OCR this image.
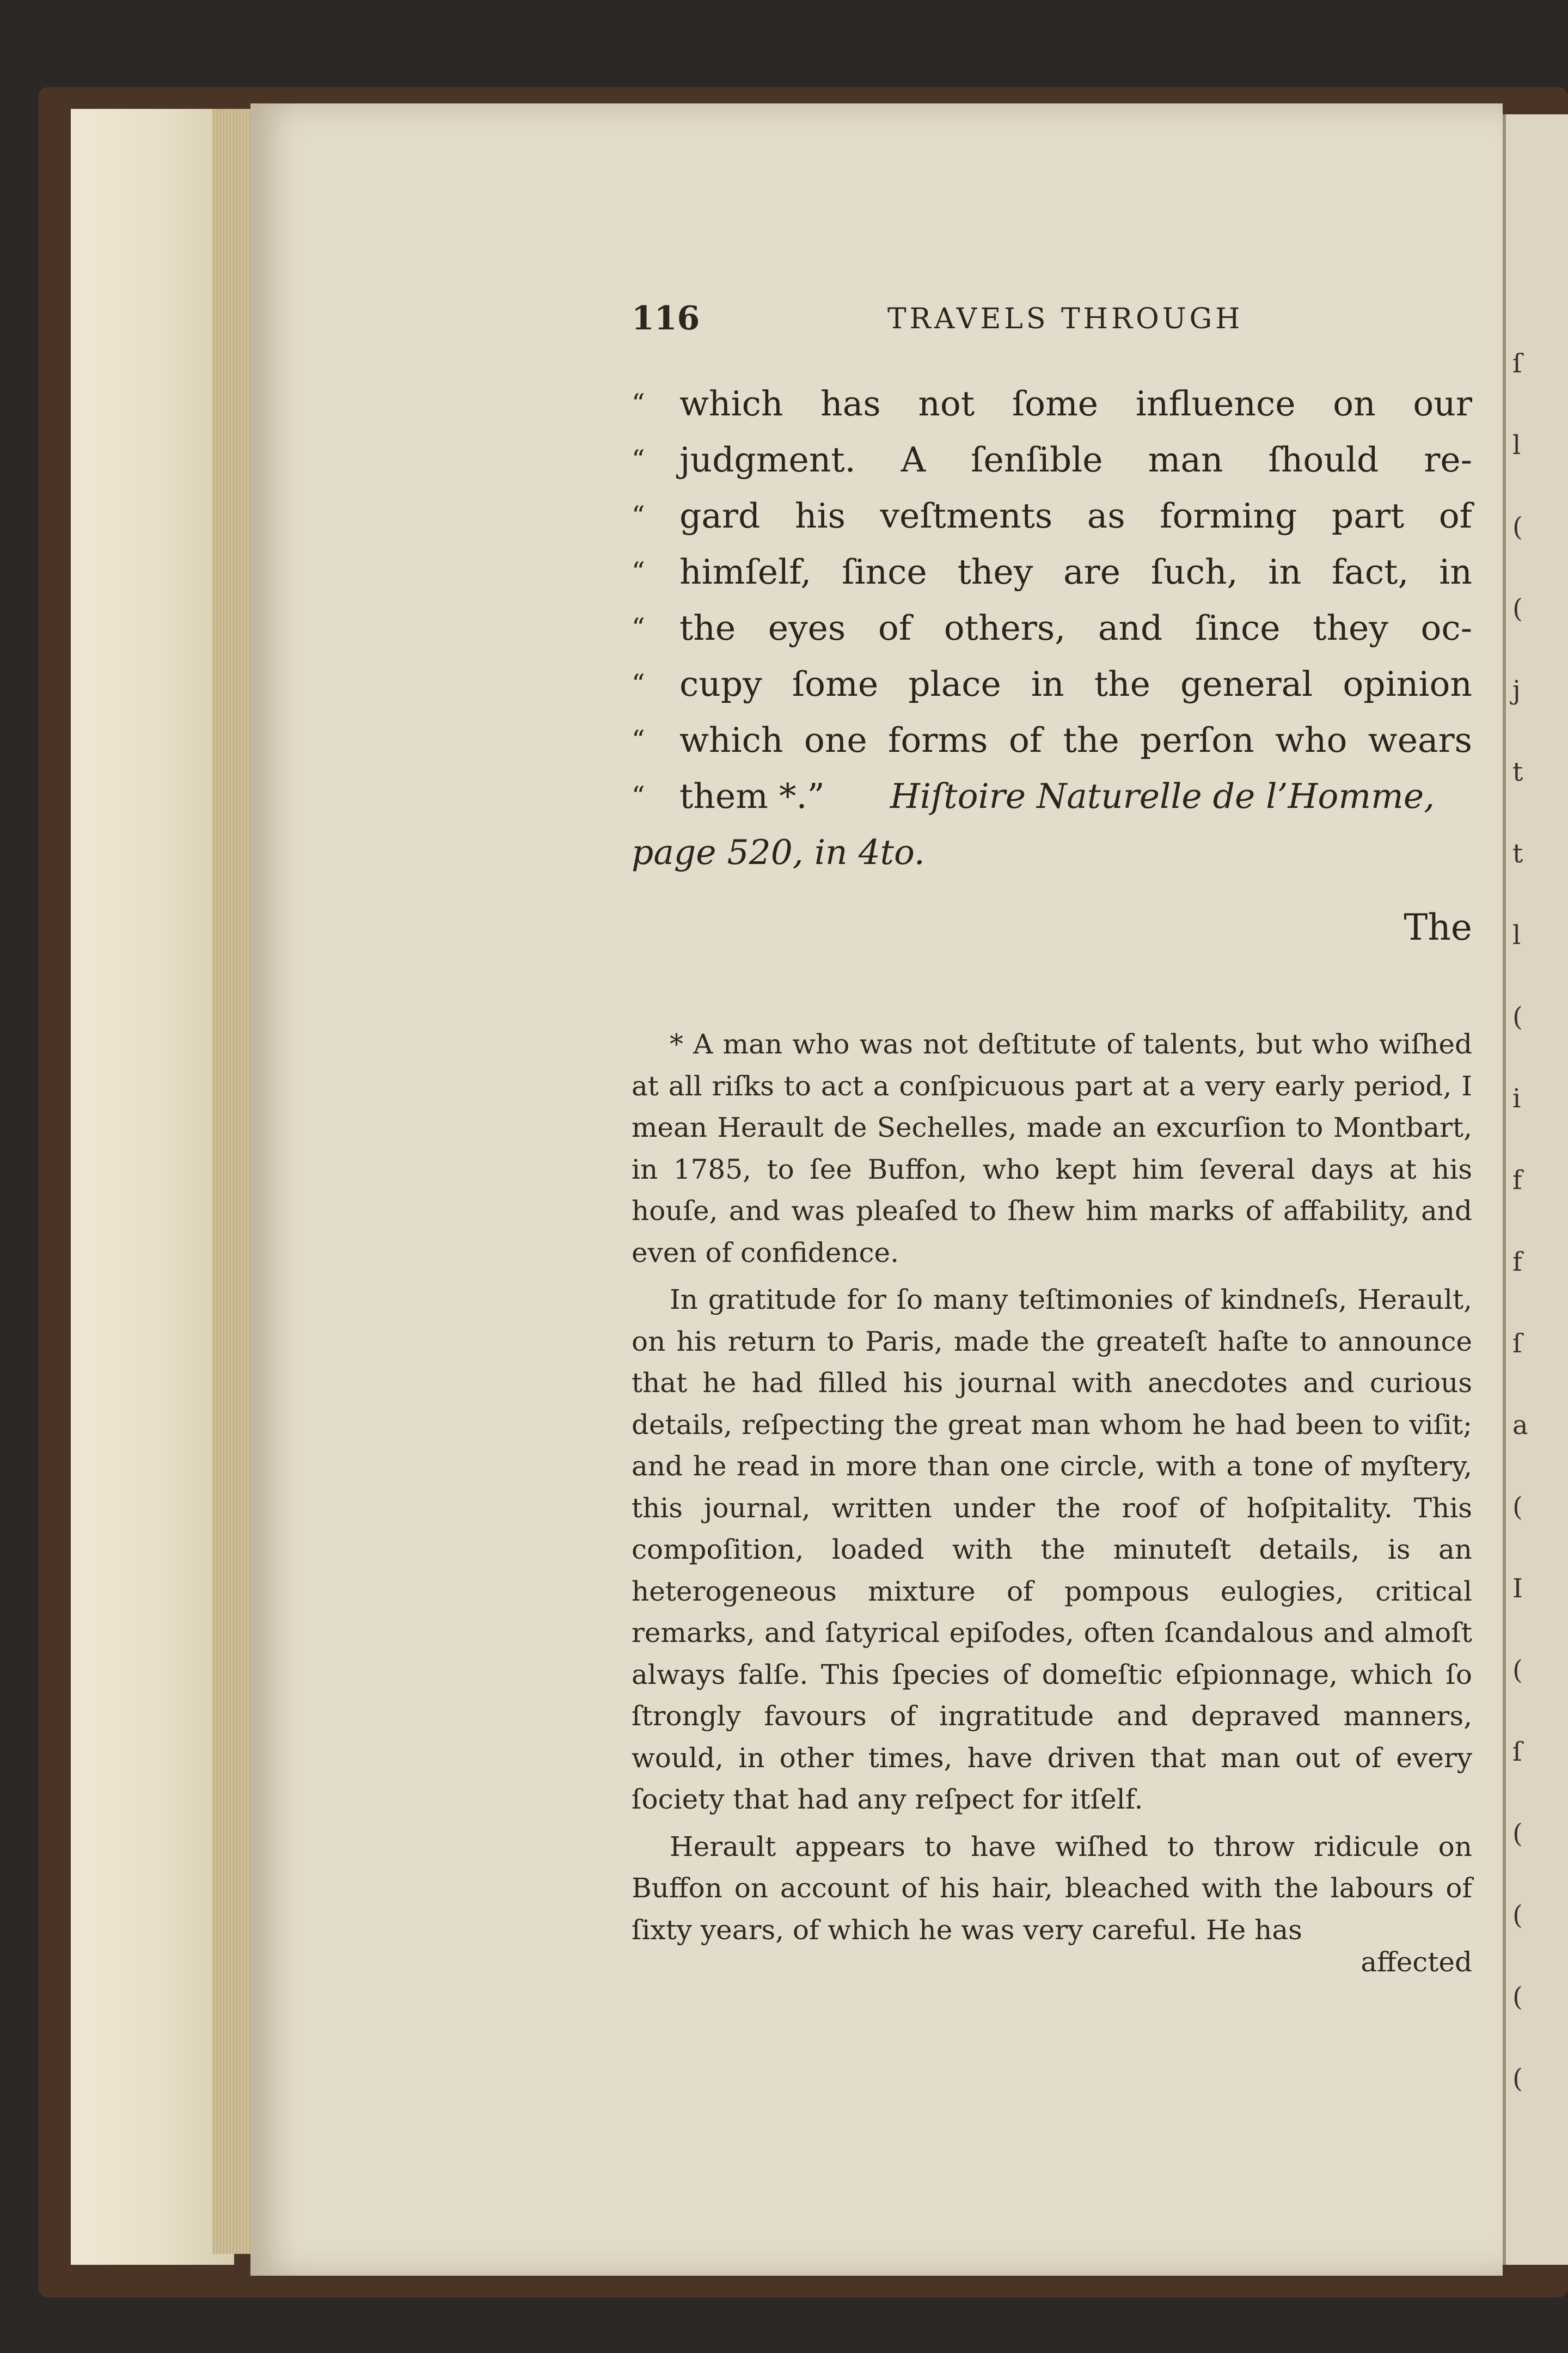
ſ
l
(
(
j
t
t
l
(
i
f
f
ſ
a
(
I
(
ſ
(
(
(
(
116	TRAVELS THROUGH
“	which has not ſome influence on our
“	judgment. A ſenſible man ſhould re-
“	gard his veſtments as forming part of
“	himſelf, ſince they are ſuch, in fact, in
“	the eyes of others, and ſince they oc-
“	cupy ſome place in the general opinion
“	which one forms of the perſon who wears
“	them *.” Hiſtoire Naturelle de l’Homme,
page 520, in 4to.
The

* A man who was not deſtitute of talents, but who wiſhed at all riſks to act a conſpicuous part at a very early period, I mean Herault de Sechelles, made an excurſion to Montbart, in 1785, to ſee Buffon, who kept him ſeveral days at his houſe, and was pleaſed to ſhew him marks of affability, and even of confidence.

In gratitude for ſo many teſtimonies of kindneſs, Herault, on his return to Paris, made the greateſt haſte to announce that he had filled his journal with anecdotes and curious details, reſpecting the great man whom he had been to viſit; and he read in more than one circle, with a tone of myſtery, this journal, written under the roof of hoſpitality. This compoſition, loaded with the minuteſt details, is an heterogeneous mixture of pompous eulogies, critical remarks, and ſatyrical epiſodes, often ſcandalous and almoſt always falſe. This ſpecies of domeſtic eſpionnage, which ſo ſtrongly favours of ingratitude and depraved manners, would, in other times, have driven that man out of every ſociety that had any reſpect for itſelf.

Herault appears to have wiſhed to throw ridicule on Buffon on account of his hair, bleached with the labours of ſixty years, of which he was very careful. He has

affected
